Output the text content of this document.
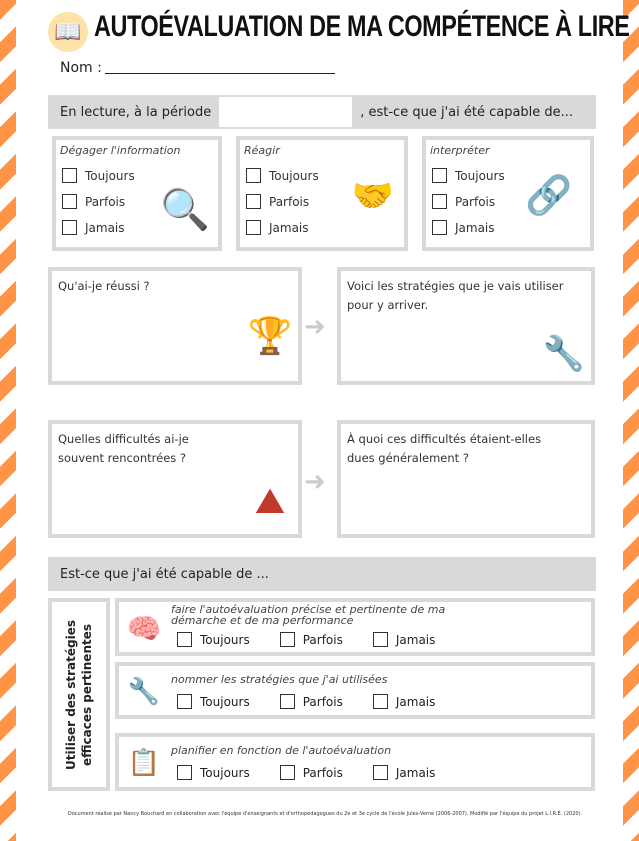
📖 AUTOÉVALUATION DE MA COMPÉTENCE À LIRE
Nom :
En lecture, à la période	, est-ce que j'ai été capable de...
Dégager l'information
Toujours
Parfois
Jamais 🔍
Réagir
Toujours
Parfois
Jamais
🤝
interpréter
Toujours
Parfois
Jamais
🔗
Qu'ai-je réussi ?
🏆 ➜
Voici les stratégies que je vais utiliser pour y arriver.
🔧
Quelles difficultés ai-je souvent rencontrées ?
⛰ ➜
À quoi ces difficultés étaient-elles dues généralement ?
Est-ce que j'ai été capable de ...
Utiliser des stratégies efficaces pertinentes 🧠
faire l'autoévaluation précise et pertinente de ma démarche et de ma performance
Toujours	Parfois	Jamais
🔧 nommer les stratégies que j'ai utilisées
Toujours	Parfois	Jamais
📋 planifier en fonction de l'autoévaluation
Toujours	Parfois	Jamais
Document réalisé par Nancy Bouchard en collaboration avec l'équipe d'enseignants et d'orthopédagogues du 2e et 3e cycle de l'école Jules-Verne (2006-2007). Modifié par l'équipe du projet L.I.R.E. (2020).
